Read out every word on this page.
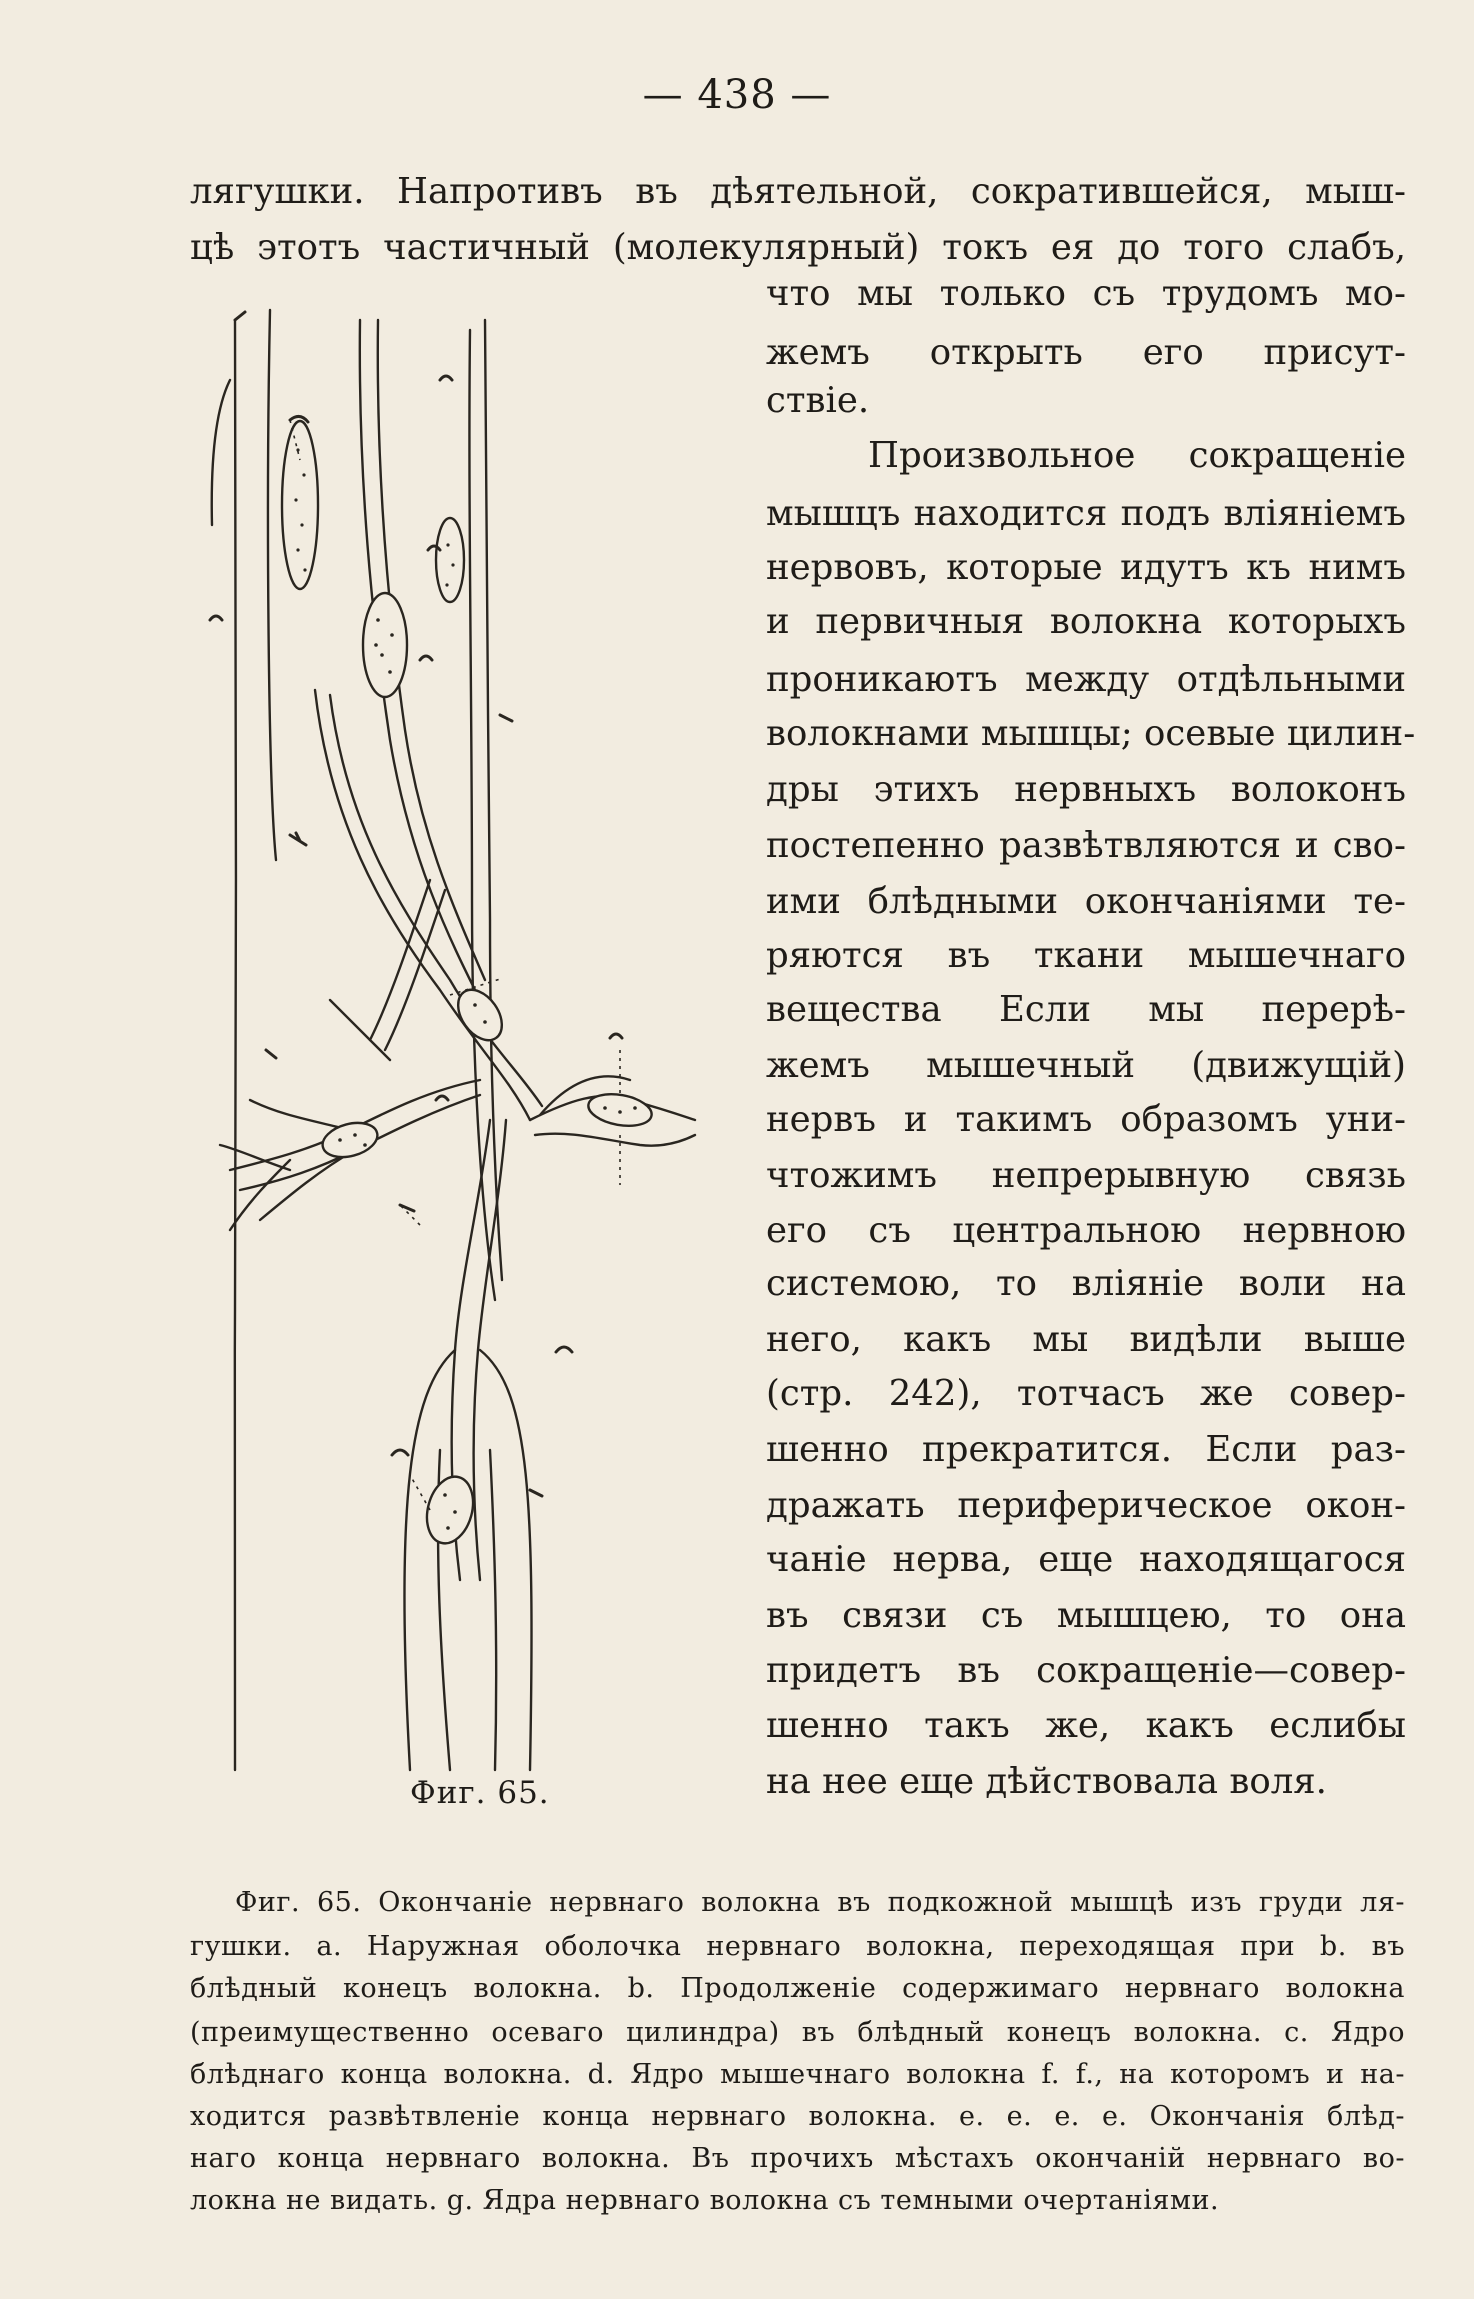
— 438 —
лягушки. Напротивъ въ дѣятельной, сократившейся, мыш-
цѣ этотъ частичный (молекулярный) токъ ея до того слабъ,
что мы только съ трудомъ мо-
жемъ открыть его присут-
ствіе.
Произвольное сокращеніе
мышцъ находится подъ вліяніемъ
нервовъ, которые идутъ къ нимъ
и первичныя волокна которыхъ
проникаютъ между отдѣльными
волокнами мышцы; осевые цилин-
дры этихъ нервныхъ волоконъ
постепенно развѣтвляются и сво-
ими блѣдными окончаніями те-
ряются въ ткани мышечнаго
вещества Если мы перерѣ-
жемъ мышечный (движущій)
нервъ и такимъ образомъ уни-
чтожимъ непрерывную связь
его съ центральною нервною
системою, то вліяніе воли на
него, какъ мы видѣли выше
(стр. 242), тотчасъ же совер-
шенно прекратится. Если раз-
дражать периферическое окон-
чаніе нерва, еще находящагося
въ связи съ мышцею, то она
придетъ въ сокращеніе—совер-
шенно такъ же, какъ еслибы
на нее еще дѣйствовала воля.
Фиг. 65.
Фиг. 65. Окончаніе нервнаго волокна въ подкожной мышцѣ изъ груди ля-
гушки. a. Наружная оболочка нервнаго волокна, переходящая при b. въ
блѣдный конецъ волокна. b. Продолженіе содержимаго нервнаго волокна
(преимущественно осеваго цилиндра) въ блѣдный конецъ волокна. c. Ядро
блѣднаго конца волокна. d. Ядро мышечнаго волокна f. f., на которомъ и на-
ходится развѣтвленіе конца нервнаго волокна. e. e. e. e. Окончанія блѣд-
наго конца нервнаго волокна. Въ прочихъ мѣстахъ окончаній нервнаго во-
локна не видать. g. Ядра нервнаго волокна съ темными очертаніями.
